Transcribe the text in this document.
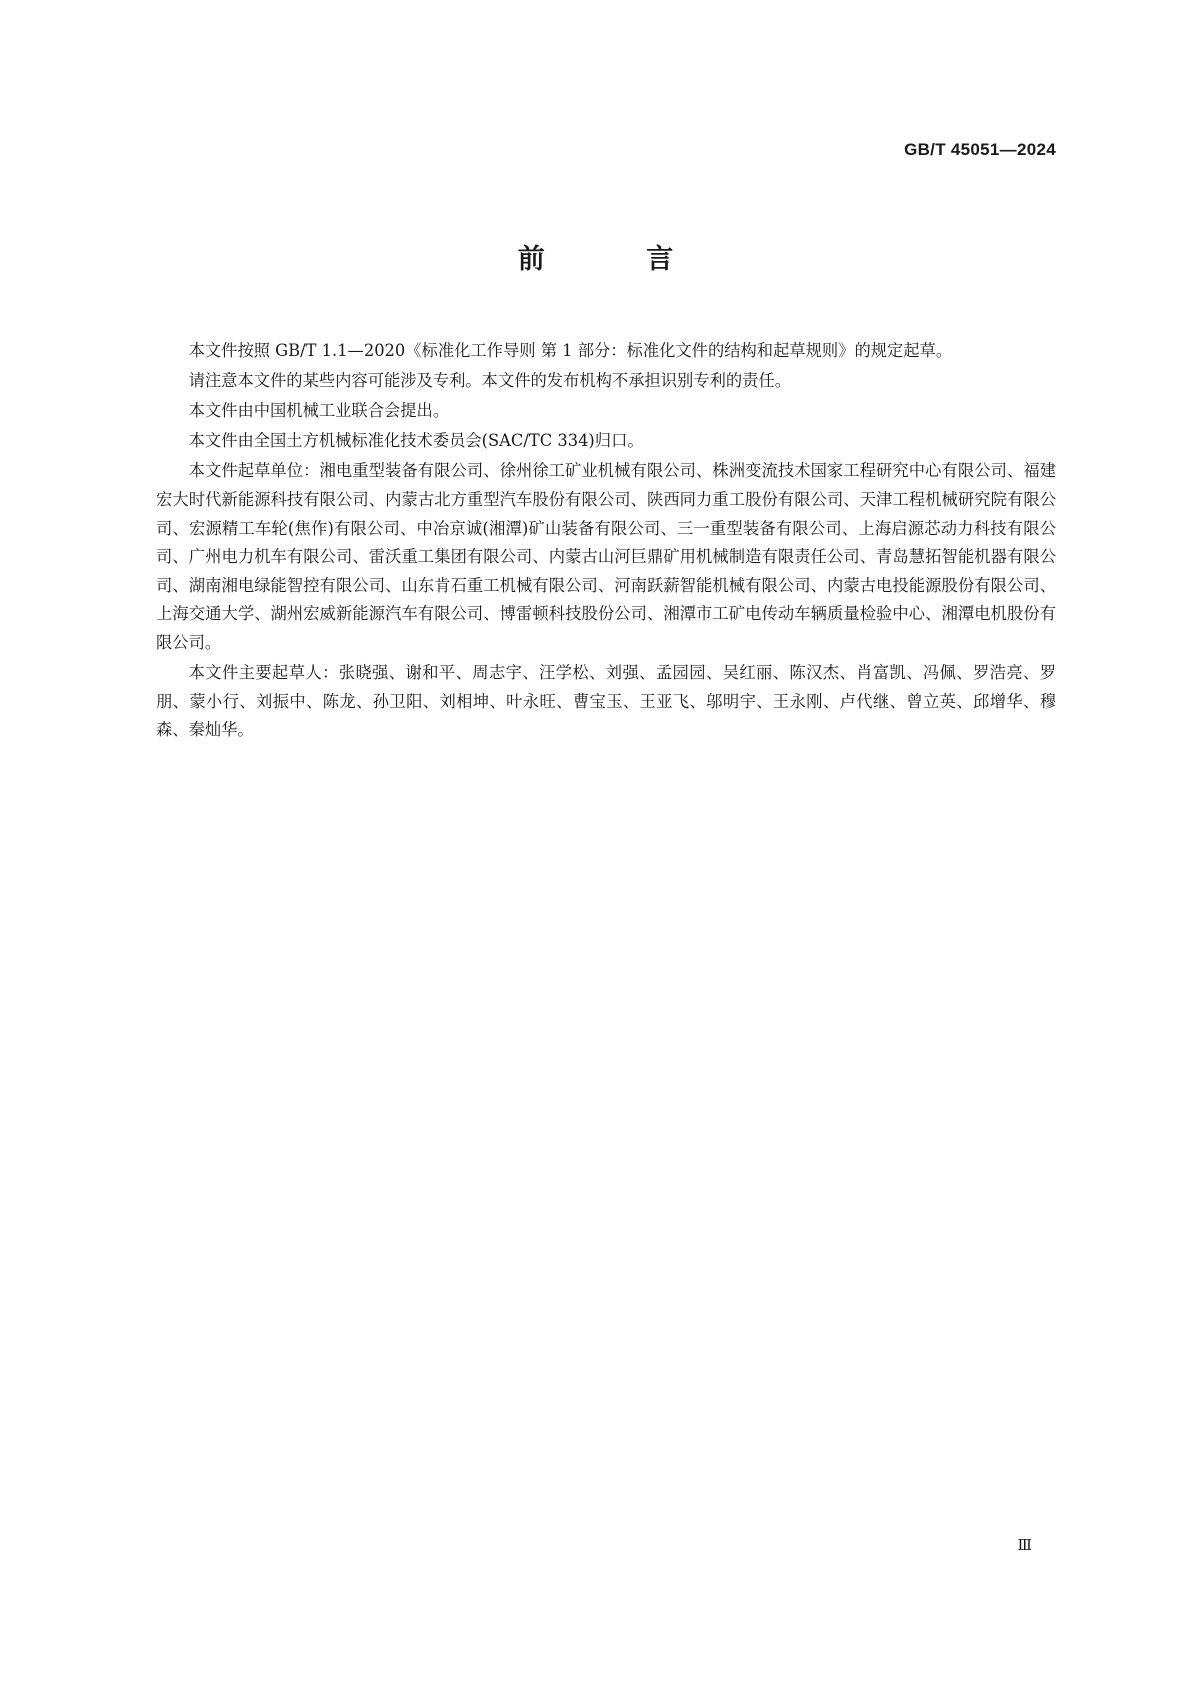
GB/T 45051—2024
前 言

本文件按照 GB/T 1.1—2020《标准化工作导则 第 1 部分：标准化文件的结构和起草规则》的规定起草。

请注意本文件的某些内容可能涉及专利。本文件的发布机构不承担识别专利的责任。

本文件由中国机械工业联合会提出。

本文件由全国土方机械标准化技术委员会(SAC/TC 334)归口。

本文件起草单位：湘电重型装备有限公司、徐州徐工矿业机械有限公司、株洲变流技术国家工程研究中心有限公司、福建宏大时代新能源科技有限公司、内蒙古北方重型汽车股份有限公司、陕西同力重工股份有限公司、天津工程机械研究院有限公司、宏源精工车轮(焦作)有限公司、中冶京诚(湘潭)矿山装备有限公司、三一重型装备有限公司、上海启源芯动力科技有限公司、广州电力机车有限公司、雷沃重工集团有限公司、内蒙古山河巨鼎矿用机械制造有限责任公司、青岛慧拓智能机器有限公司、湖南湘电绿能智控有限公司、山东肯石重工机械有限公司、河南跃薪智能机械有限公司、内蒙古电投能源股份有限公司、上海交通大学、湖州宏威新能源汽车有限公司、博雷顿科技股份公司、湘潭市工矿电传动车辆质量检验中心、湘潭电机股份有限公司。

本文件主要起草人：张晓强、谢和平、周志宇、汪学松、刘强、孟园园、吴红丽、陈汉杰、肖富凯、冯佩、罗浩亮、罗朋、蒙小行、刘振中、陈龙、孙卫阳、刘相坤、叶永旺、曹宝玉、王亚飞、邬明宇、王永刚、卢代继、曾立英、邱增华、穆森、秦灿华。

Ⅲ
